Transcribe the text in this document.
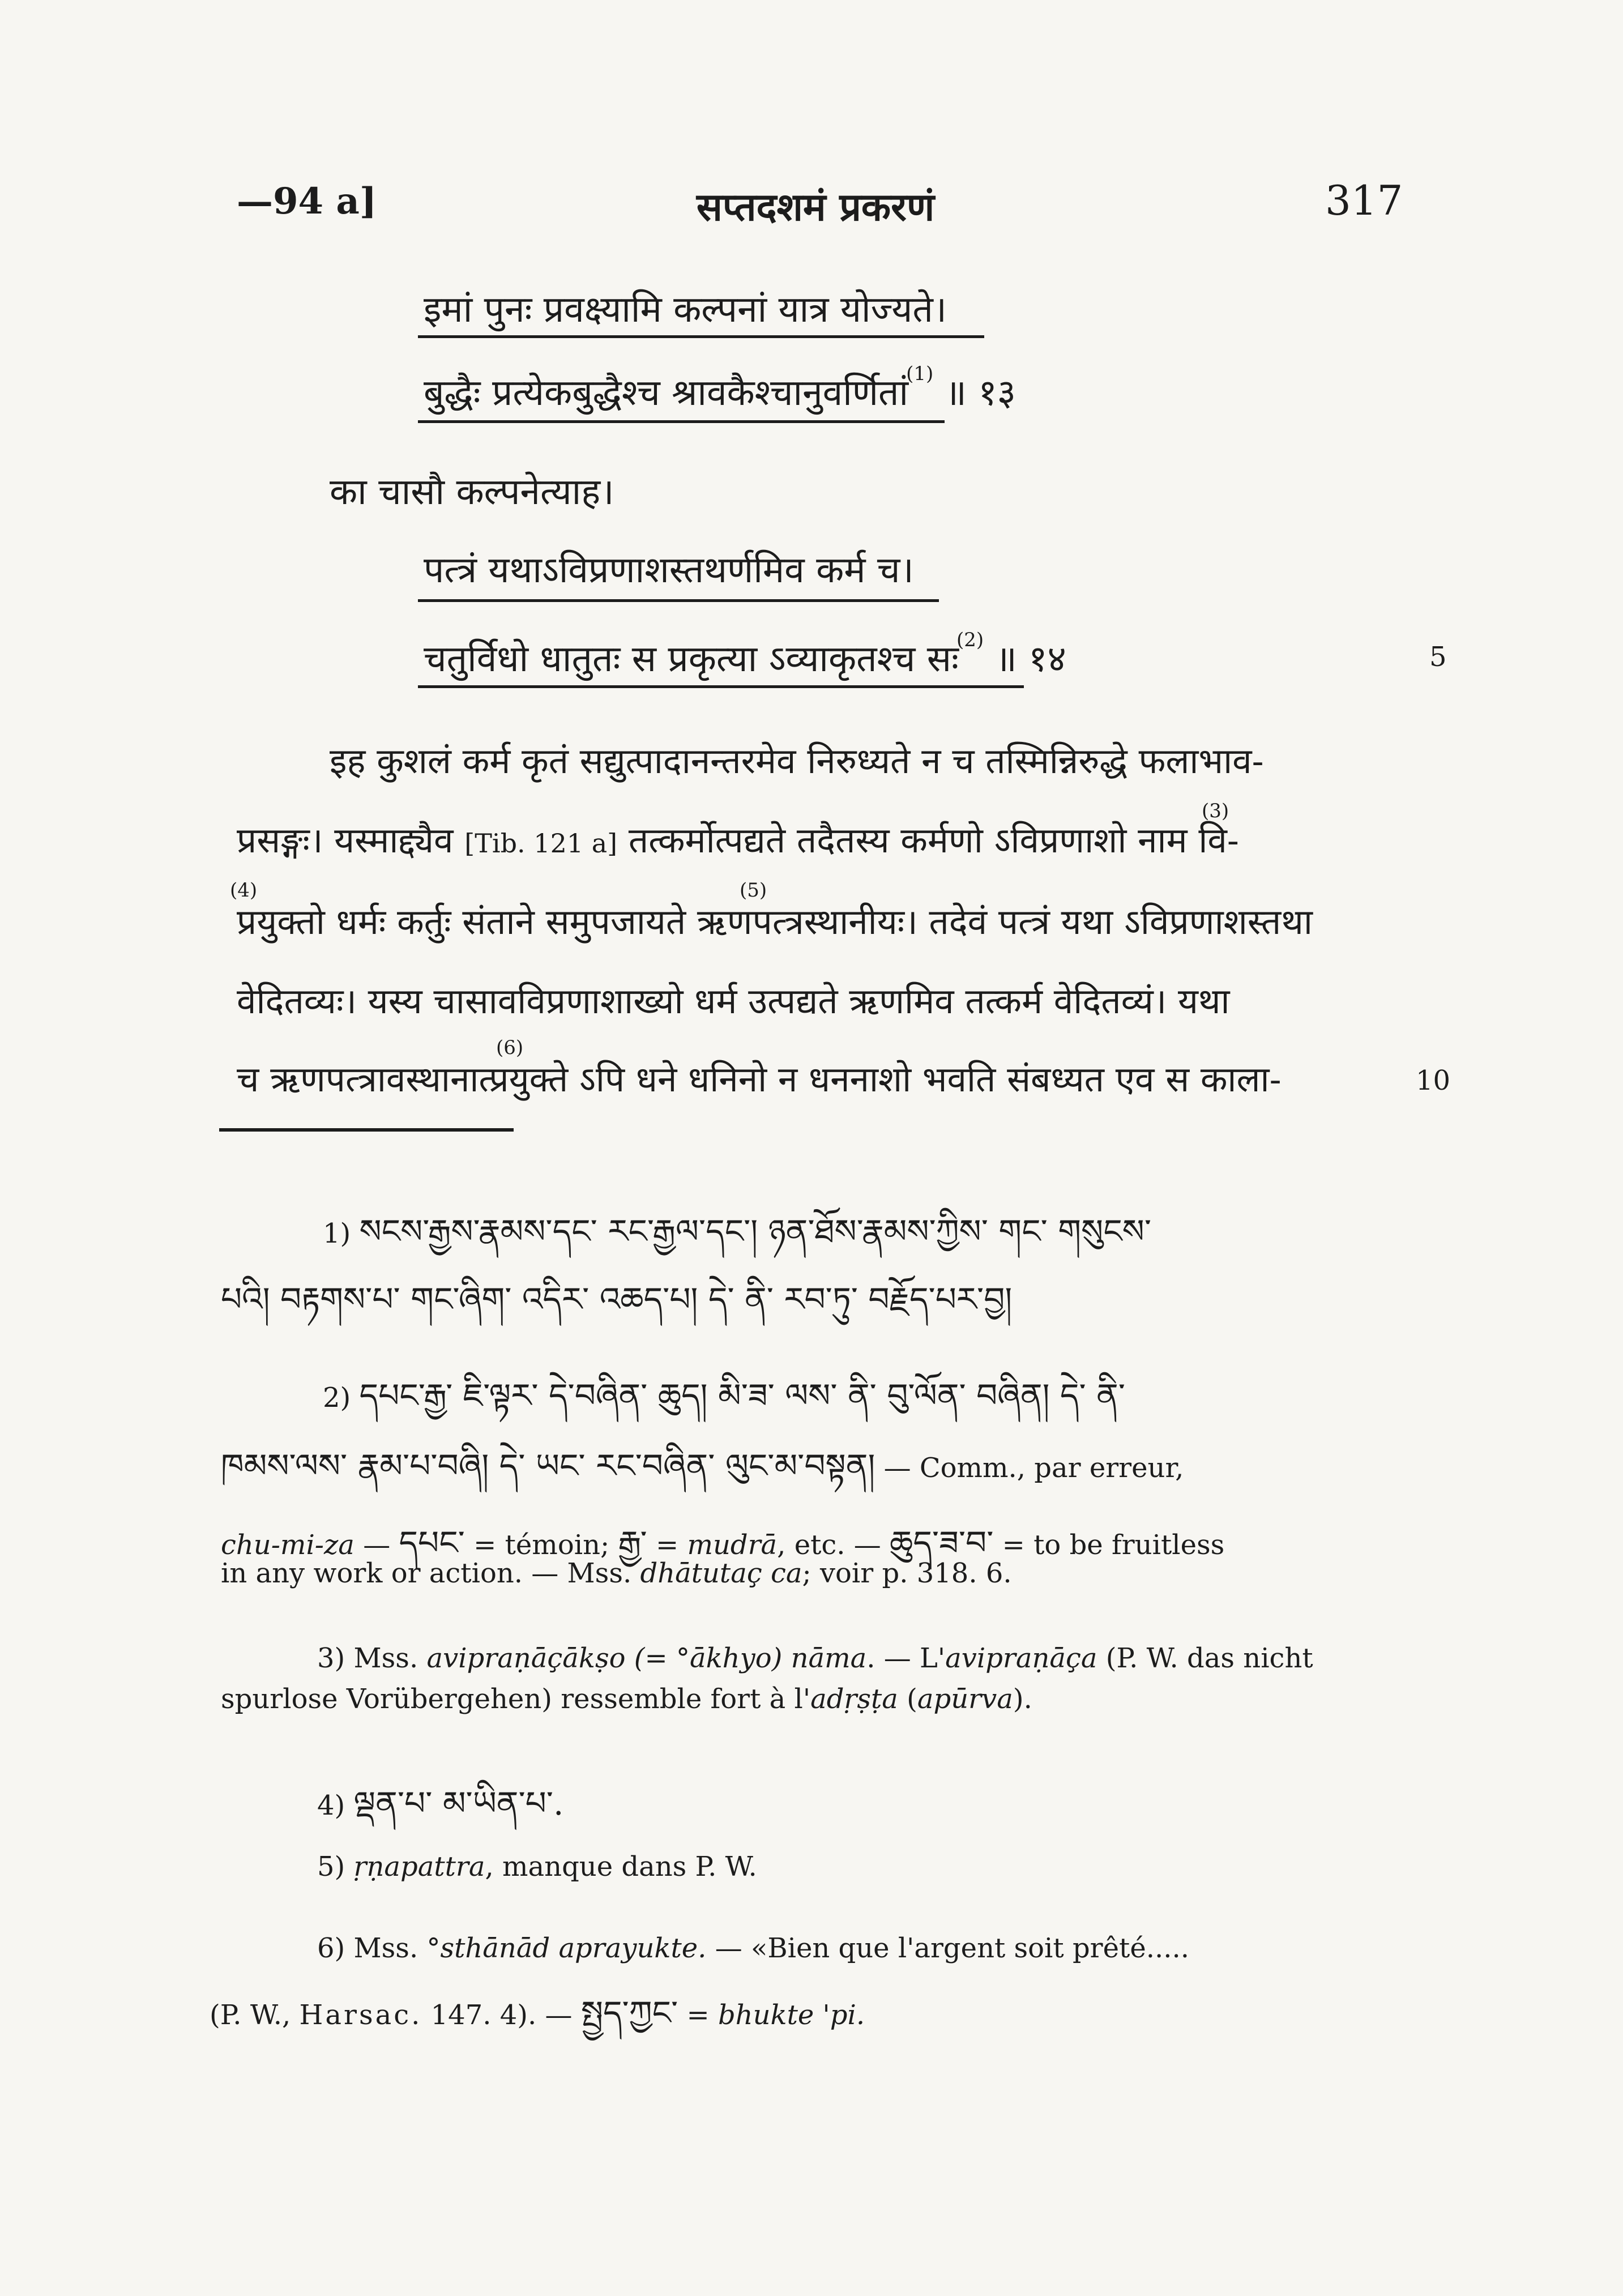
—94 a]	सप्तदशमं प्रकरणं	317
इमां पुनः प्रवक्ष्यामि कल्पनां यात्र योज्यते।
बुद्धैः प्रत्येकबुद्धैश्च श्रावकैश्चानुवर्णितां$^{(1)}$ ॥ १३
का चासौ कल्पनेत्याह।
पत्त्रं यथाऽविप्रणाशस्तथर्णमिव कर्म च।
चतुर्विधो धातुतः स प्रकृत्या ऽव्याकृतश्च सः$^{(2)}$ ॥ १४	5
इह कुशलं कर्म कृतं सद्युत्पादानन्तरमेव निरुध्यते न च तस्मिन्निरुद्धे फलाभाव-
प्रसङ्गः। यस्माद्द्यैव [Tib. 121 a] तत्कर्मोत्पद्यते तदैतस्य कर्मणो ऽविप्रणाशो नाम वि-
(3)
(4)	(5)
प्रयुक्तो धर्मः कर्तुः संताने समुपजायते ऋणपत्त्रस्थानीयः। तदेवं पत्त्रं यथा ऽविप्रणाशस्तथा
वेदितव्यः। यस्य चासावविप्रणाशाख्यो धर्म उत्पद्यते ऋणमिव तत्कर्म वेदितव्यं। यथा
(6)
च ऋणपत्त्रावस्थानात्प्रयुक्ते ऽपि धने धनिनो न धननाशो भवति संबध्यत एव स काला-	10
1) སངས་རྒྱས་རྣམས་དང་ རང་རྒྱལ་དང་། ཉན་ཐོས་རྣམས་ཀྱིས་ གང་ གསུངས་
པའི། བརྟགས་པ་ གང་ཞིག་ འདིར་ འཆད་པ། དེ་ ནི་ རབ་ཏུ་ བརྗོད་པར་བྱ།
2) དཔང་རྒྱ་ ཇི་ལྟར་ དེ་བཞིན་ ཆུད། མི་ཟ་ ལས་ ནི་ བུ་ལོན་ བཞིན། དེ་ ནི་
ཁམས་ལས་ རྣམ་པ་བཞི། དེ་ ཡང་ རང་བཞིན་ ལུང་མ་བསྟན། — Comm., par erreur,
chu-mi-za — དཔང་ = témoin; རྒྱ་ = mudrā, etc. — ཆུད་ཟ་བ་ = to be fruitless
in any work or action. — Mss. dhātutaç ca; voir p. 318. 6.
3) Mss. avipraṇāçākṣo (= °ākhyo) nāma. — L'avipraṇāça (P. W. das nicht
spurlose Vorübergehen) ressemble fort à l'adṛṣṭa (apūrva).
4) ལྡན་པ་ མ་ཡིན་པ་.
5) ṛṇapattra, manque dans P. W.
6) Mss. °sthānād aprayukte. — «Bien que l'argent soit prêté.....
(P. W., Harsac. 147. 4). — སྤྱད་ཀྱང་ = bhukte 'pi.
